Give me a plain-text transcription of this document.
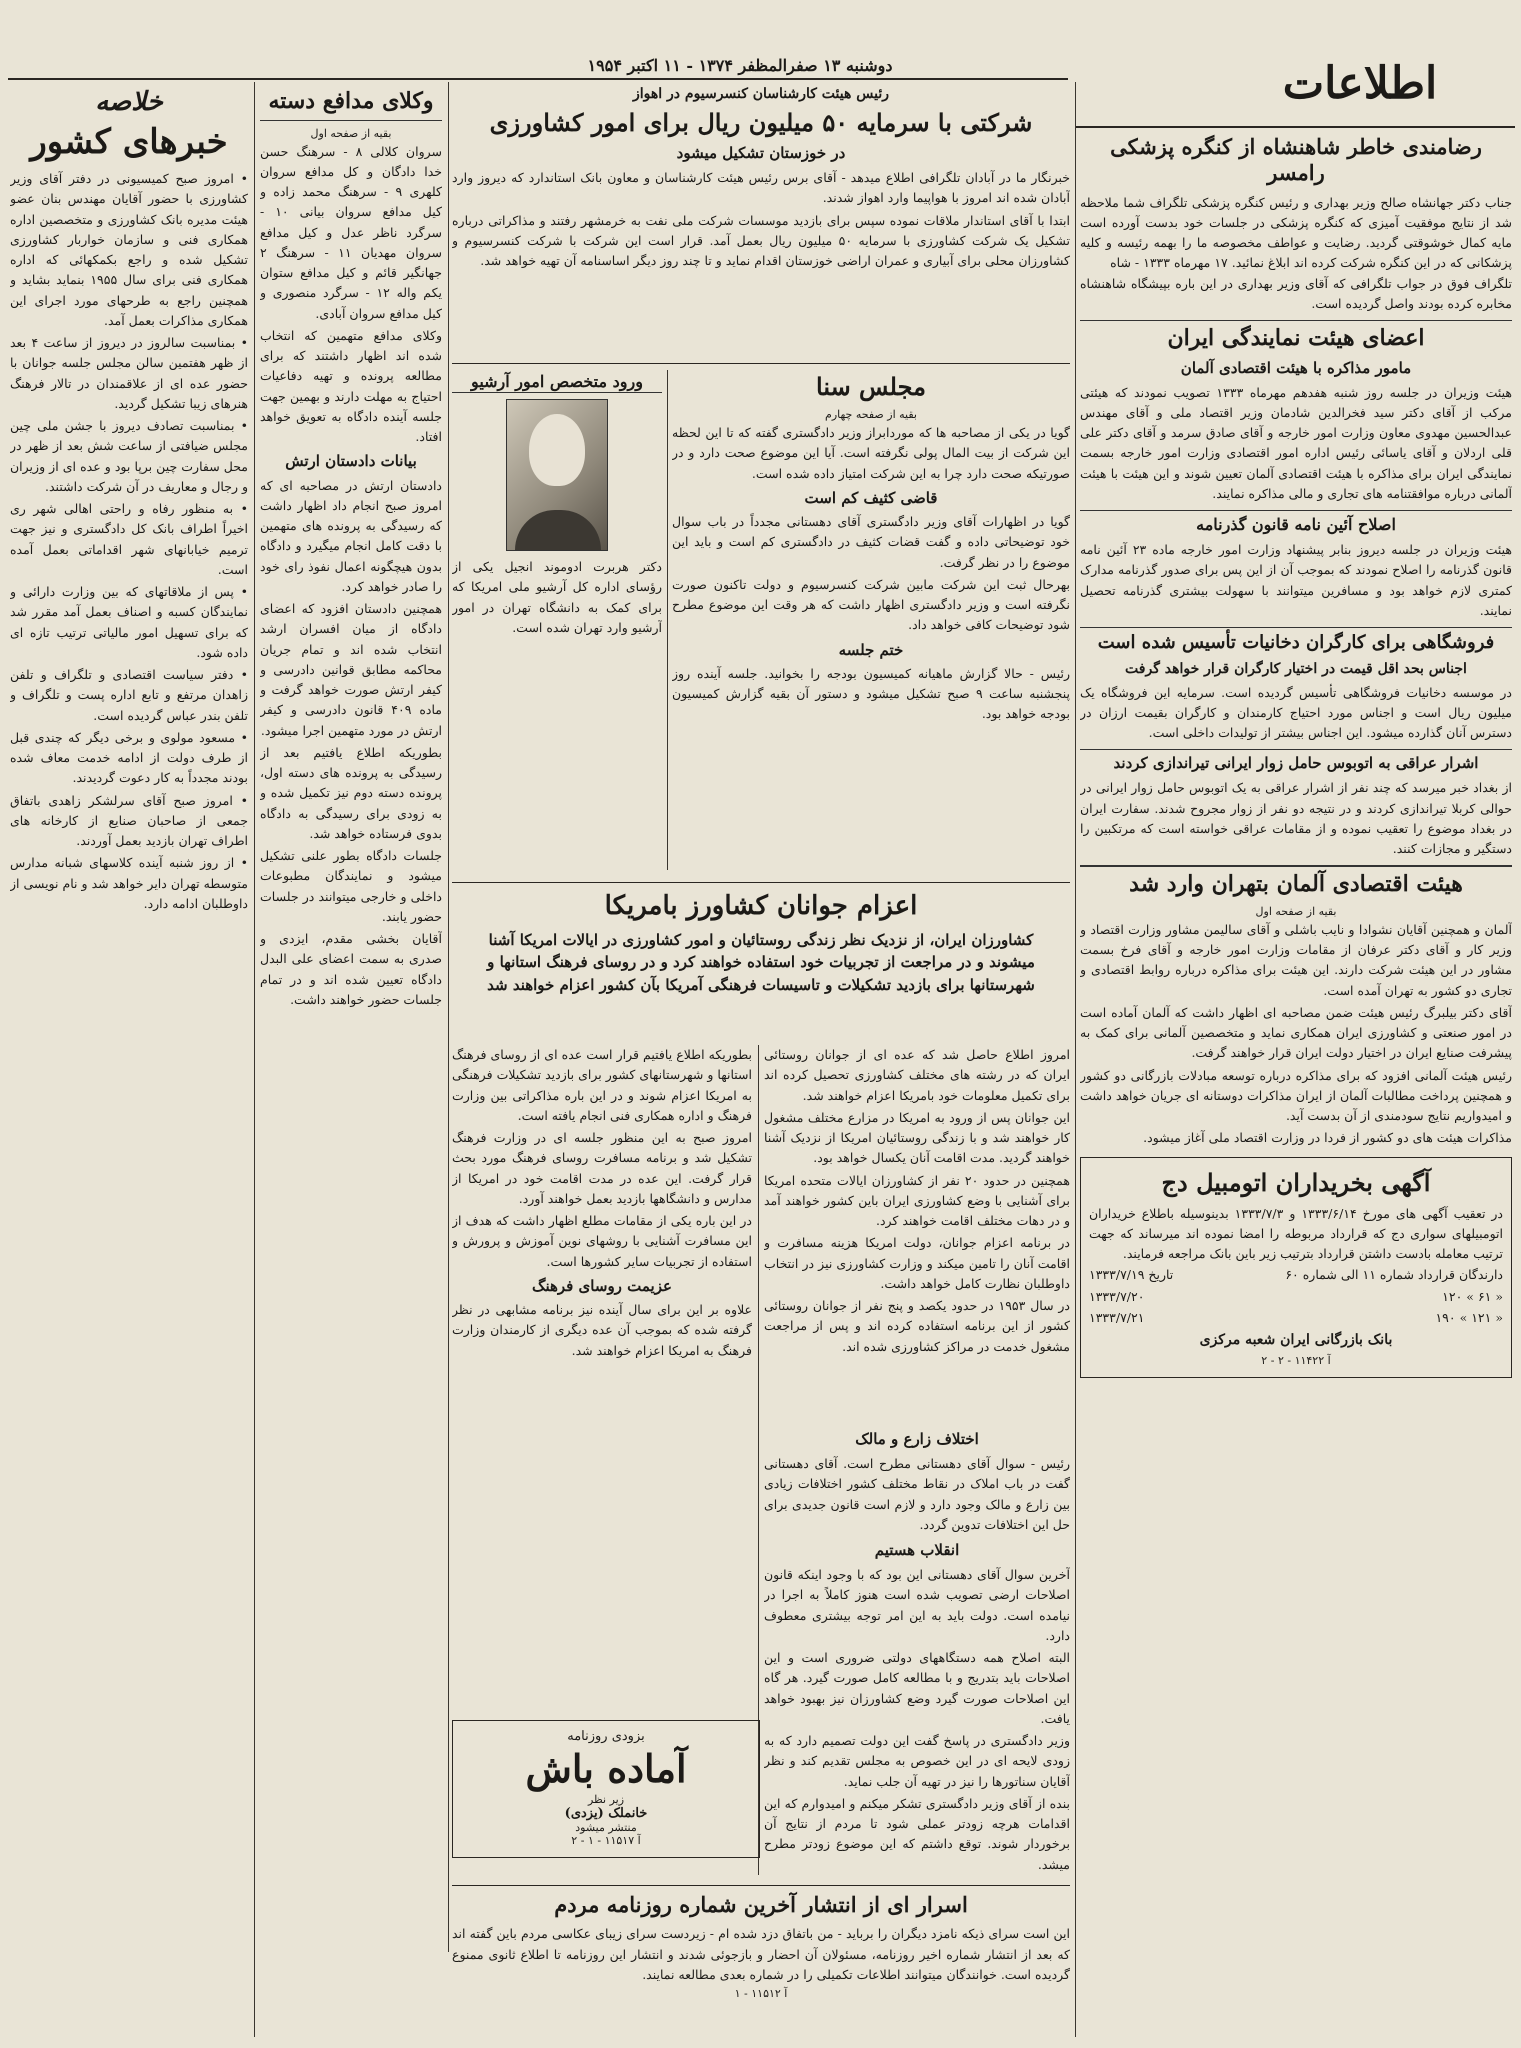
اطلاعات
دوشنبه ۱۳ صفرالمظفر ۱۳۷۴ - ۱۱ اکتبر ۱۹۵۴
خلاصه
خبرهای کشور

• امروز صبح کمیسیونی در دفتر آقای وزیر کشاورزی با حضور آقایان مهندس بنان عضو هیئت مدیره بانک کشاورزی و متخصصین اداره همکاری فنی و سازمان خواربار کشاورزی تشکیل شده و راجع بکمکهائی که اداره همکاری فنی برای سال ۱۹۵۵ بنماید بشاید و همچنین راجع به طرحهای مورد اجرای این همکاری مذاکرات بعمل آمد.

• بمناسبت سالروز در دیروز از ساعت ۴ بعد از ظهر هفتمین سالن مجلس جلسه جوانان با حضور عده ای از علاقمندان در تالار فرهنگ هنرهای زیبا تشکیل گردید.

• بمناسبت تصادف دیروز با جشن ملی چین مجلس ضیافتی از ساعت شش بعد از ظهر در محل سفارت چین برپا بود و عده ای از وزیران و رجال و معاریف در آن شرکت داشتند.

• به منظور رفاه و راحتی اهالی شهر ری اخیراً اطراف بانک کل دادگستری و نیز جهت ترمیم خیابانهای شهر اقداماتی بعمل آمده است.

• پس از ملاقاتهای که بین وزارت دارائی و نمایندگان کسبه و اصناف بعمل آمد مقرر شد که برای تسهیل امور مالیاتی ترتیب تازه ای داده شود.

• دفتر سیاست اقتصادی و تلگراف و تلفن زاهدان مرتفع و تابع اداره پست و تلگراف و تلفن بندر عباس گردیده است.

• مسعود مولوی و برخی دیگر که چندی قبل از طرف دولت از ادامه خدمت معاف شده بودند مجدداً به کار دعوت گردیدند.

• امروز صبح آقای سرلشکر زاهدی باتفاق جمعی از صاحبان صنایع از کارخانه های اطراف تهران بازدید بعمل آوردند.

• از روز شنبه آینده کلاسهای شبانه مدارس متوسطه تهران دایر خواهد شد و نام نویسی از داوطلبان ادامه دارد.

وکلای مدافع دسته
بقیه از صفحه اول

سروان کلالی ۸ - سرهنگ حسن خدا دادگان و کل مدافع سروان کلهری ۹ - سرهنگ محمد زاده و کیل مدافع سروان بیانی ۱۰ - سرگرد ناظر عدل و کیل مدافع سروان مهدیان ۱۱ - سرهنگ ۲ جهانگیر قائم و کیل مدافع ستوان یکم واله ۱۲ - سرگرد منصوری و کیل مدافع سروان آبادی.

وکلای مدافع متهمین که انتخاب شده اند اظهار داشتند که برای مطالعه پرونده و تهیه دفاعیات احتیاج به مهلت دارند و بهمین جهت جلسه آینده دادگاه به تعویق خواهد افتاد.

بیانات دادستان ارتش

دادستان ارتش در مصاحبه ای که امروز صبح انجام داد اظهار داشت که رسیدگی به پرونده های متهمین با دقت کامل انجام میگیرد و دادگاه بدون هیچگونه اعمال نفوذ رای خود را صادر خواهد کرد.

همچنین دادستان افزود که اعضای دادگاه از میان افسران ارشد انتخاب شده اند و تمام جریان محاکمه مطابق قوانین دادرسی و کیفر ارتش صورت خواهد گرفت و ماده ۴۰۹ قانون دادرسی و کیفر ارتش در مورد متهمین اجرا میشود.

بطوریکه اطلاع یافتیم بعد از رسیدگی به پرونده های دسته اول، پرونده دسته دوم نیز تکمیل شده و به زودی برای رسیدگی به دادگاه بدوی فرستاده خواهد شد.

جلسات دادگاه بطور علنی تشکیل میشود و نمایندگان مطبوعات داخلی و خارجی میتوانند در جلسات حضور یابند.

آقایان بخشی مقدم، ایزدی و صدری به سمت اعضای علی البدل دادگاه تعیین شده اند و در تمام جلسات حضور خواهند داشت.

رئیس هیئت کارشناسان کنسرسیوم در اهواز
شرکتی با سرمایه ۵۰ میلیون ریال برای امور کشاورزی
در خوزستان تشکیل میشود

خبرنگار ما در آبادان تلگرافی اطلاع میدهد - آقای برس رئیس هیئت کارشناسان و معاون بانک استاندارد که دیروز وارد آبادان شده اند امروز با هواپیما وارد اهواز شدند.

ابتدا با آقای استاندار ملاقات نموده سپس برای بازدید موسسات شرکت ملی نفت به خرمشهر رفتند و مذاکراتی درباره تشکیل یک شرکت کشاورزی با سرمایه ۵۰ میلیون ریال بعمل آمد. قرار است این شرکت با شرکت کنسرسیوم و کشاورزان محلی برای آبیاری و عمران اراضی خوزستان اقدام نماید و تا چند روز دیگر اساسنامه آن تهیه خواهد شد.

ورود متخصص امور آرشیو
دکتر هربرت ادوموند انجیل یکی از رؤسای اداره کل آرشیو ملی امریکا که برای کمک به دانشگاه تهران در امور آرشیو وارد تهران شده است.
مجلس سنا
بقیه از صفحه چهارم

گویا در یکی از مصاحبه ها که موردابراز وزیر دادگستری گفته که تا این لحظه این شرکت از بیت المال پولی نگرفته است. آیا این موضوع صحت دارد و در صورتیکه صحت دارد چرا به این شرکت امتیاز داده شده است.

قاضی کثیف کم است

گویا در اظهارات آقای وزیر دادگستری آقای دهستانی مجدداً در باب سوال خود توضیحاتی داده و گفت قضات کثیف در دادگستری کم است و باید این موضوع را در نظر گرفت.

بهرحال ثبت این شرکت مابین شرکت کنسرسیوم و دولت تاکنون صورت نگرفته است و وزیر دادگستری اظهار داشت که هر وقت این موضوع مطرح شود توضیحات کافی خواهد داد.

ختم جلسه

رئیس - حالا گزارش ماهیانه کمیسیون بودجه را بخوانید. جلسه آینده روز پنجشنبه ساعت ۹ صبح تشکیل میشود و دستور آن بقیه گزارش کمیسیون بودجه خواهد بود.

اعزام جوانان کشاورز بامریکا
کشاورزان ایران، از نزدیک نظر زندگی روستائیان و امور کشاورزی در ایالات امریکا آشنا میشوند و در مراجعت از تجربیات خود استفاده خواهند کرد و در روسای فرهنگ استانها و شهرستانها برای بازدید تشکیلات و تاسیسات فرهنگی آمریکا بآن کشور اعزام خواهند شد

بطوریکه اطلاع یافتیم قرار است عده ای از روسای فرهنگ استانها و شهرستانهای کشور برای بازدید تشکیلات فرهنگی به امریکا اعزام شوند و در این باره مذاکراتی بین وزارت فرهنگ و اداره همکاری فنی انجام یافته است.

امروز صبح به این منظور جلسه ای در وزارت فرهنگ تشکیل شد و برنامه مسافرت روسای فرهنگ مورد بحث قرار گرفت. این عده در مدت اقامت خود در امریکا از مدارس و دانشگاهها بازدید بعمل خواهند آورد.

در این باره یکی از مقامات مطلع اظهار داشت که هدف از این مسافرت آشنایی با روشهای نوین آموزش و پرورش و استفاده از تجربیات سایر کشورها است.

عزیمت روسای فرهنگ

علاوه بر این برای سال آینده نیز برنامه مشابهی در نظر گرفته شده که بموجب آن عده دیگری از کارمندان وزارت فرهنگ به امریکا اعزام خواهند شد.

امروز اطلاع حاصل شد که عده ای از جوانان روستائی ایران که در رشته های مختلف کشاورزی تحصیل کرده اند برای تکمیل معلومات خود بامریکا اعزام خواهند شد.

این جوانان پس از ورود به امریکا در مزارع مختلف مشغول کار خواهند شد و با زندگی روستائیان امریکا از نزدیک آشنا خواهند گردید. مدت اقامت آنان یکسال خواهد بود.

همچنین در حدود ۲۰ نفر از کشاورزان ایالات متحده امریکا برای آشنایی با وضع کشاورزی ایران باین کشور خواهند آمد و در دهات مختلف اقامت خواهند کرد.

در برنامه اعزام جوانان، دولت امریکا هزینه مسافرت و اقامت آنان را تامین میکند و وزارت کشاورزی نیز در انتخاب داوطلبان نظارت کامل خواهد داشت.

در سال ۱۹۵۳ در حدود یکصد و پنج نفر از جوانان روستائی کشور از این برنامه استفاده کرده اند و پس از مراجعت مشغول خدمت در مراکز کشاورزی شده اند.

اختلاف زارع و مالک
رئیس - سوال آقای دهستانی مطرح است. آقای دهستانی گفت در باب املاک در نقاط مختلف کشور اختلافات زیادی بین زارع و مالک وجود دارد و لازم است قانون جدیدی برای حل این اختلافات تدوین گردد.
انقلاب هستیم

آخرین سوال آقای دهستانی این بود که با وجود اینکه قانون اصلاحات ارضی تصویب شده است هنوز کاملاً به اجرا در نیامده است. دولت باید به این امر توجه بیشتری معطوف دارد.

البته اصلاح همه دستگاههای دولتی ضروری است و این اصلاحات باید بتدریج و با مطالعه کامل صورت گیرد. هر گاه این اصلاحات صورت گیرد وضع کشاورزان نیز بهبود خواهد یافت.

وزیر دادگستری در پاسخ گفت این دولت تصمیم دارد که به زودی لایحه ای در این خصوص به مجلس تقدیم کند و نظر آقایان سناتورها را نیز در تهیه آن جلب نماید.

بنده از آقای وزیر دادگستری تشکر میکنم و امیدوارم که این اقدامات هرچه زودتر عملی شود تا مردم از نتایج آن برخوردار شوند. توقع داشتم که این موضوع زودتر مطرح میشد.

بزودی روزنامه
آماده باش
زیر نظر
خانملک (یزدی)
منتشر میشود
آ ۱۱۵۱۷ - ۱ - ۲
اسرار ای از انتشار آخرین شماره روزنامه مردم
این است سرای ذیکه نامزد دیگران را برباید - من باتفاق دزد شده ام - زیردست سرای زیبای عکاسی مردم باین گفته اند که بعد از انتشار شماره اخیر روزنامه، مسئولان آن احضار و بازجوئی شدند و انتشار این روزنامه تا اطلاع ثانوی ممنوع گردیده است. خوانندگان میتوانند اطلاعات تکمیلی را در شماره بعدی مطالعه نمایند.
آ ۱۱۵۱۲ - ۱
رضامندی خاطر شاهنشاه از کنگره پزشکی رامسر
جناب دکتر جهانشاه صالح وزیر بهداری و رئیس کنگره پزشکی تلگراف شما ملاحظه شد از نتایج موفقیت آمیزی که کنگره پزشکی در جلسات خود بدست آورده است مایه کمال خوشوقتی گردید. رضایت و عواطف مخصوصه ما را بهمه رئیسه و کلیه پزشکانی که در این کنگره شرکت کرده اند ابلاغ نمائید. ۱۷ مهرماه ۱۳۳۳ - شاه
تلگراف فوق در جواب تلگرافی که آقای وزیر بهداری در این باره بپیشگاه شاهنشاه مخابره کرده بودند واصل گردیده است.
اعضای هیئت نمایندگی ایران
مامور مذاکره با هیئت اقتصادی آلمان
هیئت وزیران در جلسه روز شنبه هفدهم مهرماه ۱۳۳۳ تصویب نمودند که هیئتی مرکب از آقای دکتر سید فخرالدین شادمان وزیر اقتصاد ملی و آقای مهندس عبدالحسین مهدوی معاون وزارت امور خارجه و آقای صادق سرمد و آقای دکتر علی قلی اردلان و آقای یاسائی رئیس اداره امور اقتصادی وزارت امور خارجه بسمت نمایندگی ایران برای مذاکره با هیئت اقتصادی آلمان تعیین شوند و این هیئت با هیئت آلمانی درباره موافقتنامه های تجاری و مالی مذاکره نمایند.
اصلاح آئین نامه قانون گذرنامه
هیئت وزیران در جلسه دیروز بنابر پیشنهاد وزارت امور خارجه ماده ۲۳ آئین نامه قانون گذرنامه را اصلاح نمودند که بموجب آن از این پس برای صدور گذرنامه مدارک کمتری لازم خواهد بود و مسافرین میتوانند با سهولت بیشتری گذرنامه تحصیل نمایند.
فروشگاهی برای کارگران دخانیات تأسیس شده است
اجناس بحد اقل قیمت در اختیار کارگران قرار خواهد گرفت
در موسسه دخانیات فروشگاهی تأسیس گردیده است. سرمایه این فروشگاه یک میلیون ریال است و اجناس مورد احتیاج کارمندان و کارگران بقیمت ارزان در دسترس آنان گذارده میشود. این اجناس بیشتر از تولیدات داخلی است.
اشرار عراقی به اتوبوس حامل زوار ایرانی تیراندازی کردند
از بغداد خبر میرسد که چند نفر از اشرار عراقی به یک اتوبوس حامل زوار ایرانی در حوالی کربلا تیراندازی کردند و در نتیجه دو نفر از زوار مجروح شدند. سفارت ایران در بغداد موضوع را تعقیب نموده و از مقامات عراقی خواسته است که مرتکبین را دستگیر و مجازات کنند.
هیئت اقتصادی آلمان بتهران وارد شد
بقیه از صفحه اول

آلمان و همچنین آقایان نشوادا و نایب باشلی و آقای سالیمن مشاور وزارت اقتصاد و وزیر کار و آقای دکتر عرفان از مقامات وزارت امور خارجه و آقای فرخ بسمت مشاور در این هیئت شرکت دارند. این هیئت برای مذاکره درباره روابط اقتصادی و تجاری دو کشور به تهران آمده است.

آقای دکتر بیلبرگ رئیس هیئت ضمن مصاحبه ای اظهار داشت که آلمان آماده است در امور صنعتی و کشاورزی ایران همکاری نماید و متخصصین آلمانی برای کمک به پیشرفت صنایع ایران در اختیار دولت ایران قرار خواهند گرفت.

رئیس هیئت آلمانی افزود که برای مذاکره درباره توسعه مبادلات بازرگانی دو کشور و همچنین پرداخت مطالبات آلمان از ایران مذاکرات دوستانه ای جریان خواهد داشت و امیدواریم نتایج سودمندی از آن بدست آید.

مذاکرات هیئت های دو کشور از فردا در وزارت اقتصاد ملی آغاز میشود.

آگهی بخریداران اتومبیل دج
در تعقیب آگهی های مورخ ۱۳۳۳/۶/۱۴ و ۱۳۳۳/۷/۳ بدینوسیله باطلاع خریداران اتومبیلهای سواری دج که قرارداد مربوطه را امضا نموده اند میرساند که جهت ترتیب معامله بادست داشتن قرارداد بترتیب زیر باین بانک مراجعه فرمایند.
دارندگان قرارداد شماره ۱۱ الی شماره ۶۰
تاریخ ۱۳۳۳/۷/۱۹
« ۶۱ » ۱۲۰
۱۳۳۳/۷/۲۰
« ۱۲۱ » ۱۹۰
۱۳۳۳/۷/۲۱
بانک بازرگانی ایران شعبه مرکزی
آ ۱۱۴۲۲ - ۲ - ۲
